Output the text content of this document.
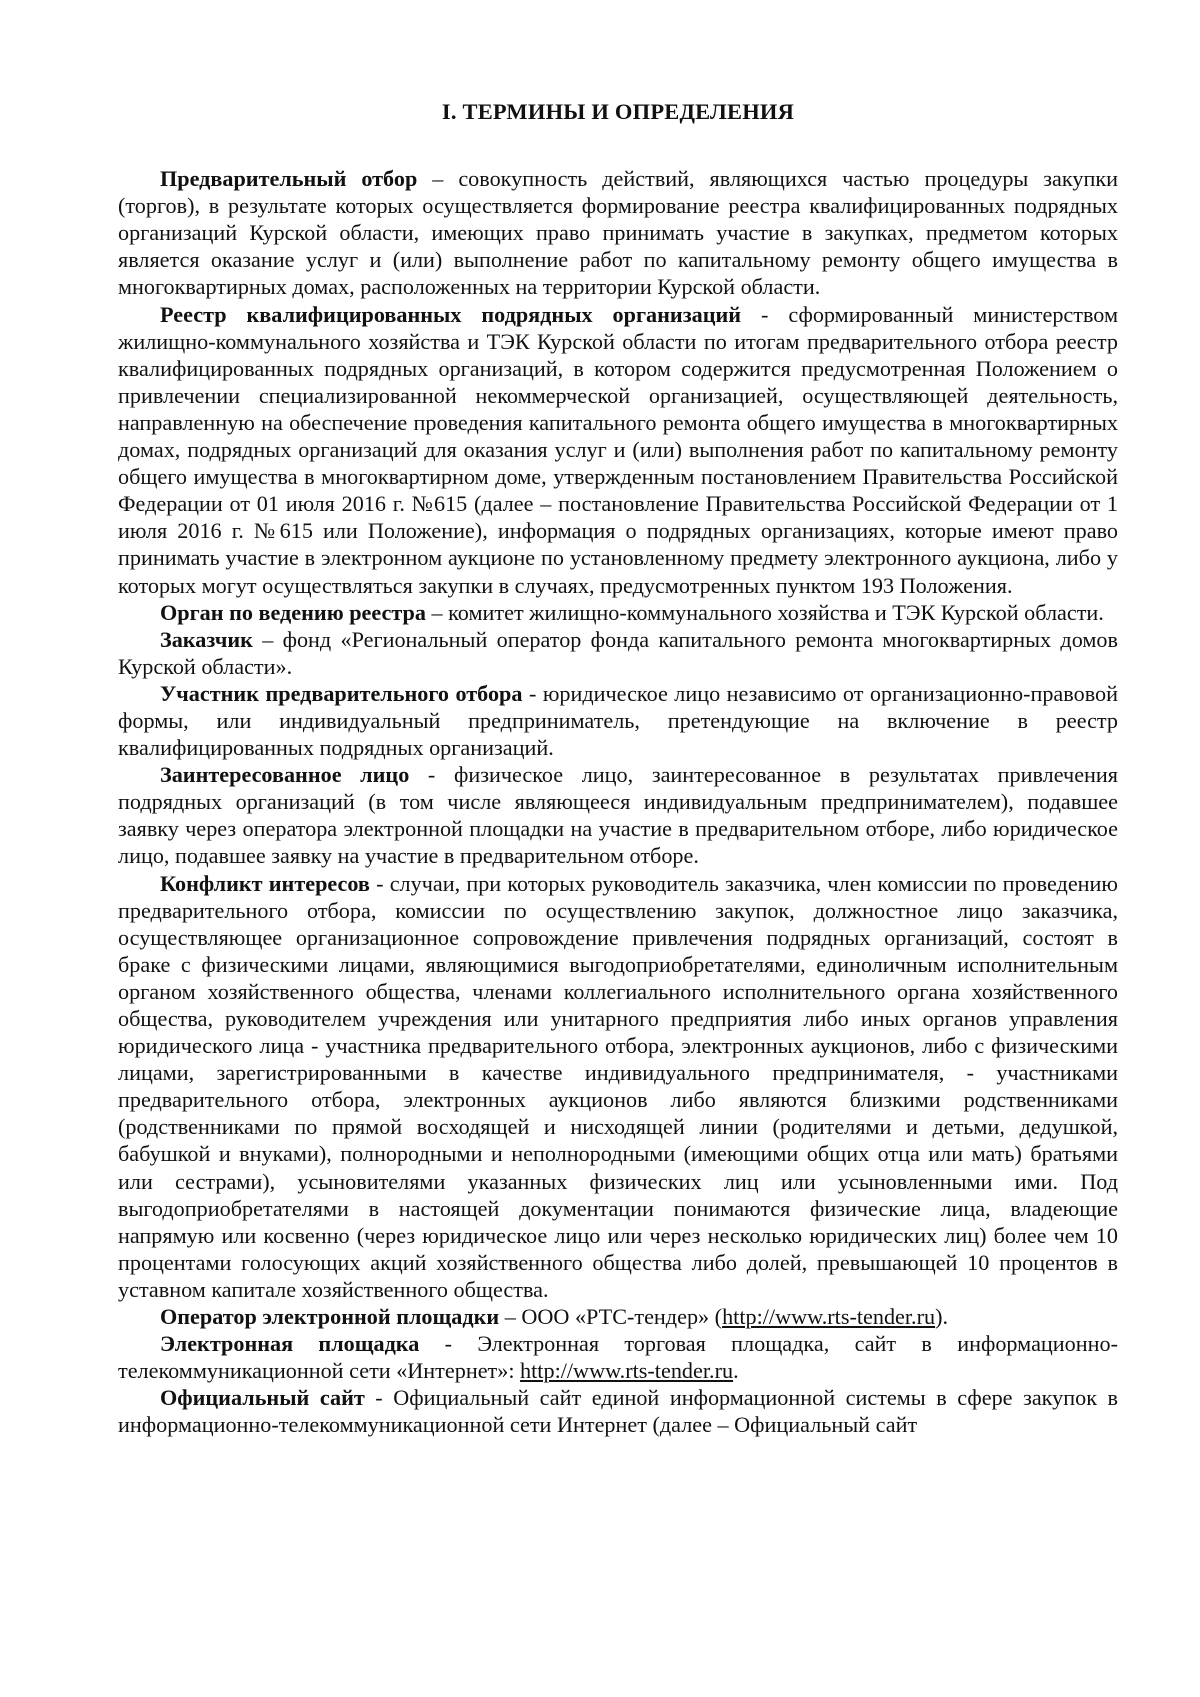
I. ТЕРМИНЫ И ОПРЕДЕЛЕНИЯ

Предварительный отбор – совокупность действий, являющихся частью процедуры закупки (торгов), в результате которых осуществляется формирование реестра квалифицированных подрядных организаций Курской области, имеющих право принимать участие в закупках, предметом которых является оказание услуг и (или) выполнение работ по капитальному ремонту общего имущества в многоквартирных домах, расположенных на территории Курской области.

Реестр квалифицированных подрядных организаций - сформированный министерством жилищно-коммунального хозяйства и ТЭК Курской области по итогам предварительного отбора реестр квалифицированных подрядных организаций, в котором содержится предусмотренная Положением о привлечении специализированной некоммерческой организацией, осуществляющей деятельность, направленную на обеспечение проведения капитального ремонта общего имущества в многоквартирных домах, подрядных организаций для оказания услуг и (или) выполнения работ по капитальному ремонту общего имущества в многоквартирном доме, утвержденным постановлением Правительства Российской Федерации от 01 июля 2016 г. №615 (далее – постановление Правительства Российской Федерации от 1 июля 2016 г. №615 или Положение), информация о подрядных организациях, которые имеют право принимать участие в электронном аукционе по установленному предмету электронного аукциона, либо у которых могут осуществляться закупки в случаях, предусмотренных пунктом 193 Положения.

Орган по ведению реестра – комитет жилищно-коммунального хозяйства и ТЭК Курской области.

Заказчик – фонд «Региональный оператор фонда капитального ремонта многоквартирных домов Курской области».

Участник предварительного отбора - юридическое лицо независимо от организационно-правовой формы, или индивидуальный предприниматель, претендующие на включение в реестр квалифицированных подрядных организаций.

Заинтересованное лицо - физическое лицо, заинтересованное в результатах привлечения подрядных организаций (в том числе являющееся индивидуальным предпринимателем), подавшее заявку через оператора электронной площадки на участие в предварительном отборе, либо юридическое лицо, подавшее заявку на участие в предварительном отборе.

Конфликт интересов - случаи, при которых руководитель заказчика, член комиссии по проведению предварительного отбора, комиссии по осуществлению закупок, должностное лицо заказчика, осуществляющее организационное сопровождение привлечения подрядных организаций, состоят в браке с физическими лицами, являющимися выгодоприобретателями, единоличным исполнительным органом хозяйственного общества, членами коллегиального исполнительного органа хозяйственного общества, руководителем учреждения или унитарного предприятия либо иных органов управления юридического лица - участника предварительного отбора, электронных аукционов, либо с физическими лицами, зарегистрированными в качестве индивидуального предпринимателя, - участниками предварительного отбора, электронных аукционов либо являются близкими родственниками (родственниками по прямой восходящей и нисходящей линии (родителями и детьми, дедушкой, бабушкой и внуками), полнородными и неполнородными (имеющими общих отца или мать) братьями или сестрами), усыновителями указанных физических лиц или усыновленными ими. Под выгодоприобретателями в настоящей документации понимаются физические лица, владеющие напрямую или косвенно (через юридическое лицо или через несколько юридических лиц) более чем 10 процентами голосующих акций хозяйственного общества либо долей, превышающей 10 процентов в уставном капитале хозяйственного общества.

Оператор электронной площадки – ООО «РТС-тендер» (http://www.rts-tender.ru).

Электронная площадка - Электронная торговая площадка, сайт в информационно-телекоммуникационной сети «Интернет»: http://www.rts-tender.ru.

Официальный сайт - Официальный сайт единой информационной системы в сфере закупок в информационно-телекоммуникационной сети Интернет (далее – Официальный сайт
